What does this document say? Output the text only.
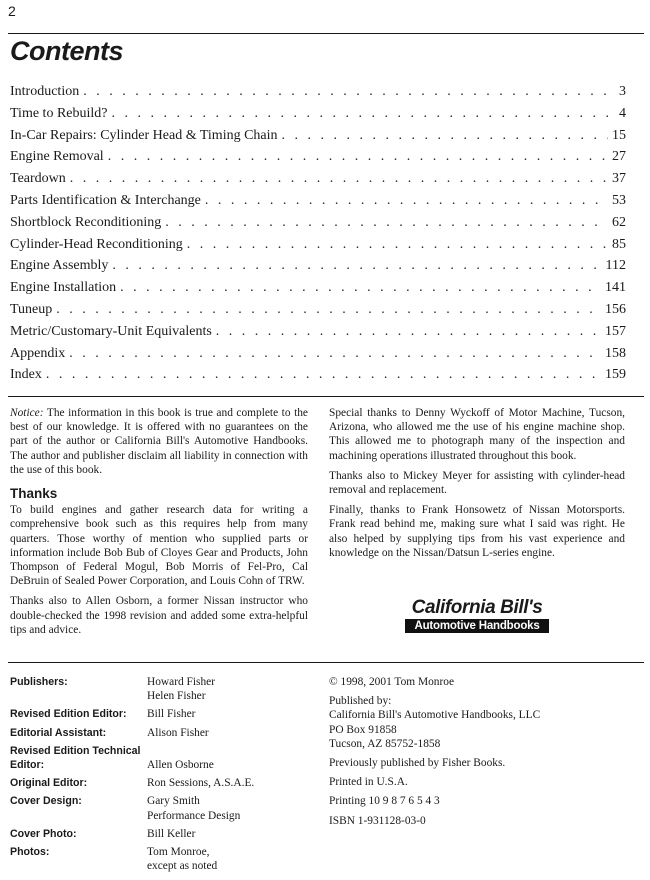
2
Contents
Introduction . . .	3
Time to Rebuild? . . .	4
In-Car Repairs: Cylinder Head & Timing Chain . . .	15
Engine Removal . . .	27
Teardown . . .	37
Parts Identification & Interchange . . .	53
Shortblock Reconditioning . . .	62
Cylinder-Head Reconditioning . . .	85
Engine Assembly . . .	112
Engine Installation . . .	141
Tuneup . . .	156
Metric/Customary-Unit Equivalents . . .	157
Appendix . . .	158
Index . . .	159

Notice: The information in this book is true and complete to the best of our knowledge. It is offered with no guarantees on the part of the author or California Bill's Automotive Handbooks. The author and publisher disclaim all liability in connection with the use of this book.

Thanks

To build engines and gather research data for writing a comprehensive book such as this requires help from many quarters. Those worthy of mention who supplied parts or information include Bob Bub of Cloyes Gear and Products, John Thompson of Federal Mogul, Bob Morris of Fel-Pro, Cal DeBruin of Sealed Power Corporation, and Louis Cohn of TRW.

Thanks also to Allen Osborn, a former Nissan instructor who double-checked the 1998 revision and added some extra-helpful tips and advice.

Special thanks to Denny Wyckoff of Motor Machine, Tucson, Arizona, who allowed me the use of his engine machine shop. This allowed me to photograph many of the inspection and machining operations illustrated throughout this book.

Thanks also to Mickey Meyer for assisting with cylinder-head removal and replacement.

Finally, thanks to Frank Honsowetz of Nissan Motorsports. Frank read behind me, making sure what I said was right. He also helped by supplying tips from his vast experience and knowledge on the Nissan/Datsun L-series engine.

California Bill's
Automotive Handbooks
Publishers:	Howard Fisher
Helen Fisher
Revised Edition Editor:	Bill Fisher
Editorial Assistant:	Alison Fisher
Revised Edition Technical Editor:	Allen Osborne
Original Editor:	Ron Sessions, A.S.A.E.
Cover Design:	Gary Smith
Performance Design
Cover Photo:	Bill Keller
Photos:	Tom Monroe,
except as noted

© 1998, 2001 Tom Monroe

Published by:
California Bill's Automotive Handbooks, LLC
PO Box 91858
Tucson, AZ 85752-1858

Previously published by Fisher Books.

Printed in U.S.A.

Printing 10 9 8 7 6 5 4 3

ISBN 1-931128-03-0
